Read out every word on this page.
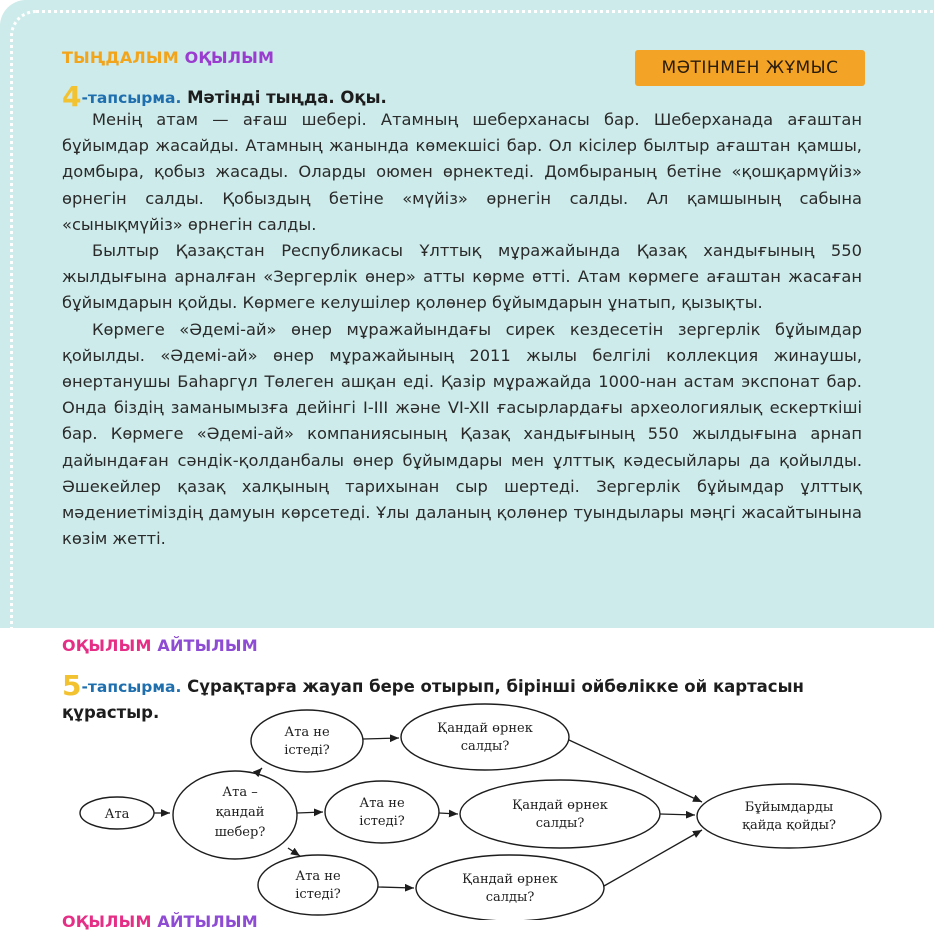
ТЫҢДАЛЫМ ОҚЫЛЫМ
МӘТІНМЕН ЖҰМЫС
4-тапсырма. Мәтінді тыңда. Оқы.

Менің атам — ағаш шебері. Атамның шеберханасы бар. Шеберханада ағаштан бұйымдар жасайды. Атамның жанында көмекшісі бар. Ол кісілер былтыр ағаштан қамшы, домбыра, қобыз жасады. Оларды оюмен өрнектеді. Домбыраның бетіне «қошқармүйіз» өрнегін салды. Қобыздың бетіне «мүйіз» өрнегін салды. Ал қамшының сабына «сынықмүйіз» өрнегін салды.

Былтыр Қазақстан Республикасы Ұлттық мұражайында Қазақ хандығының 550 жылдығына арналған «Зергерлік өнер» атты көрме өтті. Атам көрмеге ағаштан жасаған бұйымдарын қойды. Көрмеге келушілер қолөнер бұйымдарын ұнатып, қызықты.

Көрмеге «Әдемі-ай» өнер мұражайындағы сирек кездесетін зергерлік бұйымдар қойылды. «Әдемі-ай» өнер мұражайының 2011 жылы белгілі коллекция жинаушы, өнертанушы Баһаргүл Төлеген ашқан еді. Қазір мұражайда 1000-нан астам экспонат бар. Онда біздің заманымызға дейінгі I-III және VI-XII ғасырлардағы археологиялық ескерткіші бар. Көрмеге «Әдемі-ай» компаниясының Қазақ хандығының 550 жылдығына арнап дайындаған сәндік-қолданбалы өнер бұйымдары мен ұлттық кәдесыйлары да қойылды. Әшекейлер қазақ халқының тарихынан сыр шертеді. Зергерлік бұйымдар ұлттық мәдениетіміздің дамуын көрсетеді. Ұлы даланың қолөнер туындылары мәңгі жасайтынына көзім жетті.

ОҚЫЛЫМ АЙТЫЛЫМ
5-тапсырма. Сұрақтарға жауап бере отырып, бірінші ойбөлікке ой картасын құрастыр.
Ата
Ата –
қандай
шебер?
Ата не
істеді?
Ата не
істеді?
Ата не
істеді?
Қандай өрнек
салды?
Қандай өрнек
салды?
Қандай өрнек
салды?
Бұйымдарды
қайда қойды?
ОҚЫЛЫМ АЙТЫЛЫМ
